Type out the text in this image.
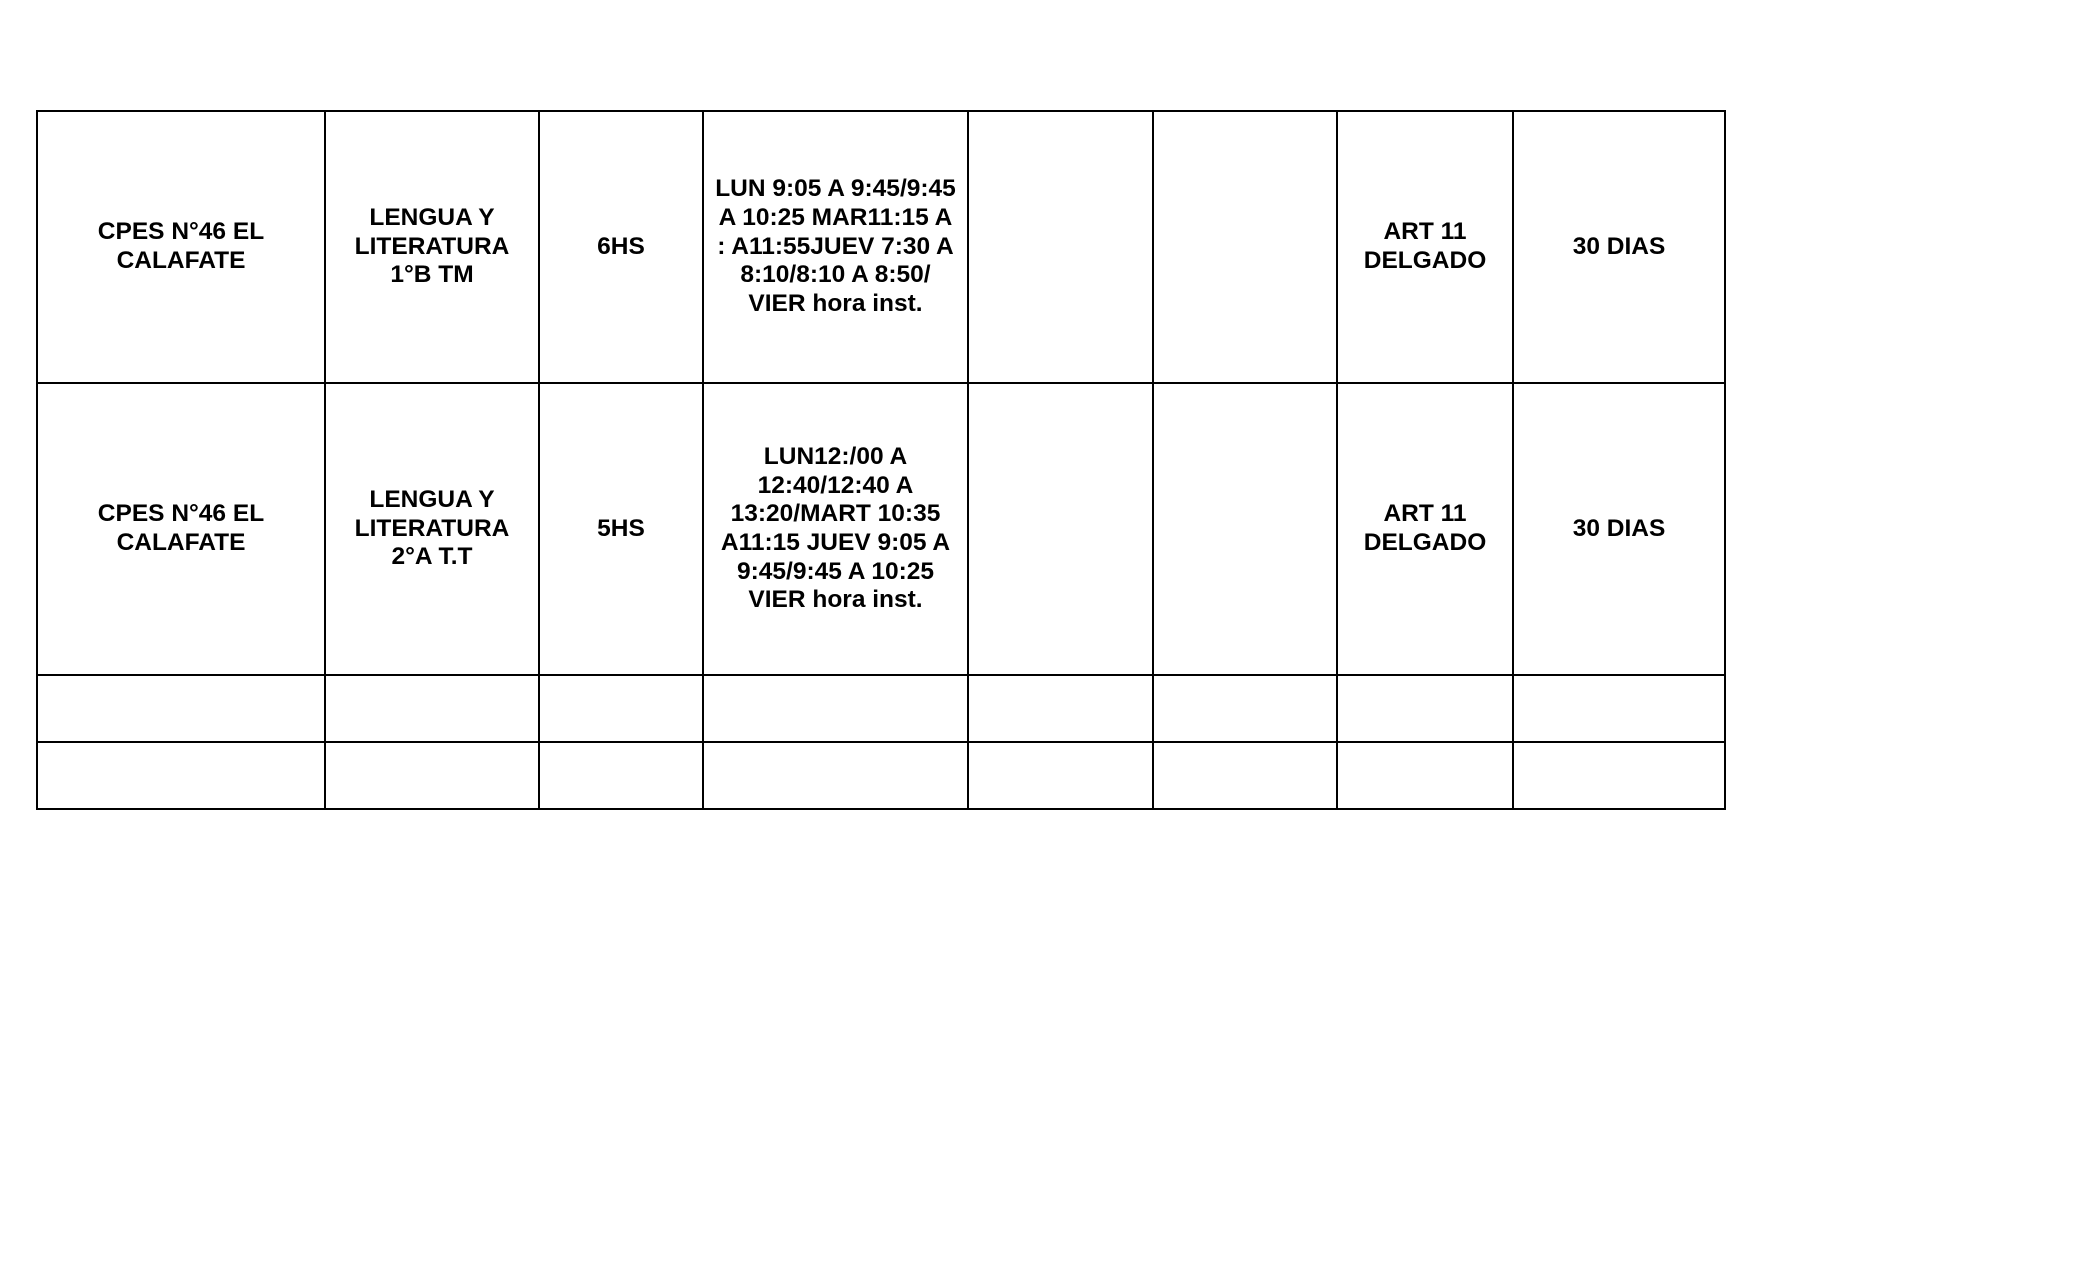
CPES N°46 EL CALAFATE	LENGUA Y LITERATURA 1°B TM	6HS	LUN 9:05 A 9:45/9:45 A 10:25 MAR11:15 A : A11:55JUEV 7:30 A 8:10/8:10 A 8:50/ VIER hora inst.			ART 11 DELGADO	30 DIAS
CPES N°46 EL CALAFATE	LENGUA Y LITERATURA 2°A T.T	5HS	LUN12:/00 A 12:40/12:40 A 13:20/MART 10:35 A11:15 JUEV 9:05 A 9:45/9:45 A 10:25 VIER hora inst.			ART 11 DELGADO	30 DIAS
